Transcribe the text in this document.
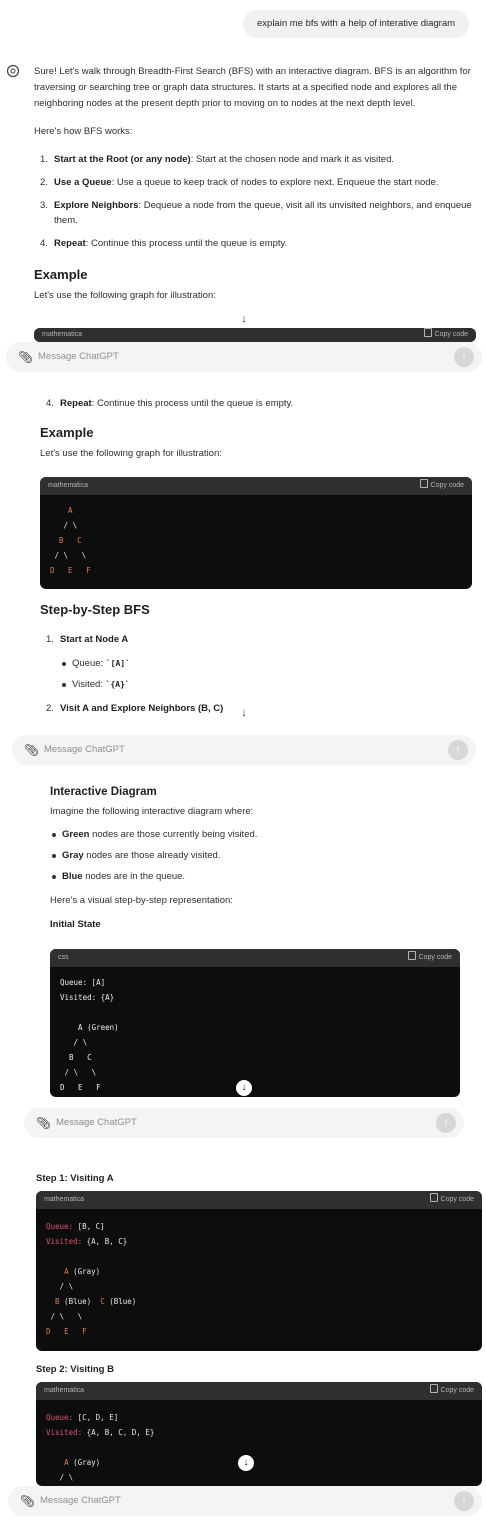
explain me bfs with a help of interative diagram

Sure! Let's walk through Breadth-First Search (BFS) with an interactive diagram. BFS is an algorithm for traversing or searching tree or graph data structures. It starts at a specified node and explores all the neighboring nodes at the present depth prior to moving on to nodes at the next depth level.

Here's how BFS works:

1. Start at the Root (or any node): Start at the chosen node and mark it as visited.
2. Use a Queue: Use a queue to keep track of nodes to explore next. Enqueue the start node.
3. Explore Neighbors: Dequeue a node from the queue, visit all its unvisited neighbors, and enqueue them.
4. Repeat: Continue this process until the queue is empty.
Example

Let's use the following graph for illustration:

↓
mathematica	Copy code
📎︎ Message ChatGPT	↑
4. Repeat: Continue this process until the queue is empty.
Example

Let's use the following graph for illustration:

mathematica	Copy code
A
/ \
B   C
/ \   \
D   E   F
Step-by-Step BFS
1. Start at Node A
Queue: `[A]`
Visited: `{A}`
2. Visit A and Explore Neighbors (B, C)	↓
📎︎ Message ChatGPT	↑
Interactive Diagram

Imagine the following interactive diagram where:

Green nodes are those currently being visited.
Gray nodes are those already visited.
Blue nodes are in the queue.

Here's a visual step-by-step representation:

Initial State
css	Copy code
Queue: [A]
Visited: {A}

A (Green)
/ \
B   C
/ \   \
D   E   F	↓
📎︎ Message ChatGPT	↑
Step 1: Visiting A
mathematica	Copy code
Queue: [B, C]
Visited: {A, B, C}

A (Gray)
/ \
B (Blue) C (Blue)
/ \   \
D E F
Step 2: Visiting B
mathematica	Copy code
Queue: [C, D, E]
Visited: {A, B, C, D, E}

A (Gray)
/ \
↓
📎︎ Message ChatGPT	↑
